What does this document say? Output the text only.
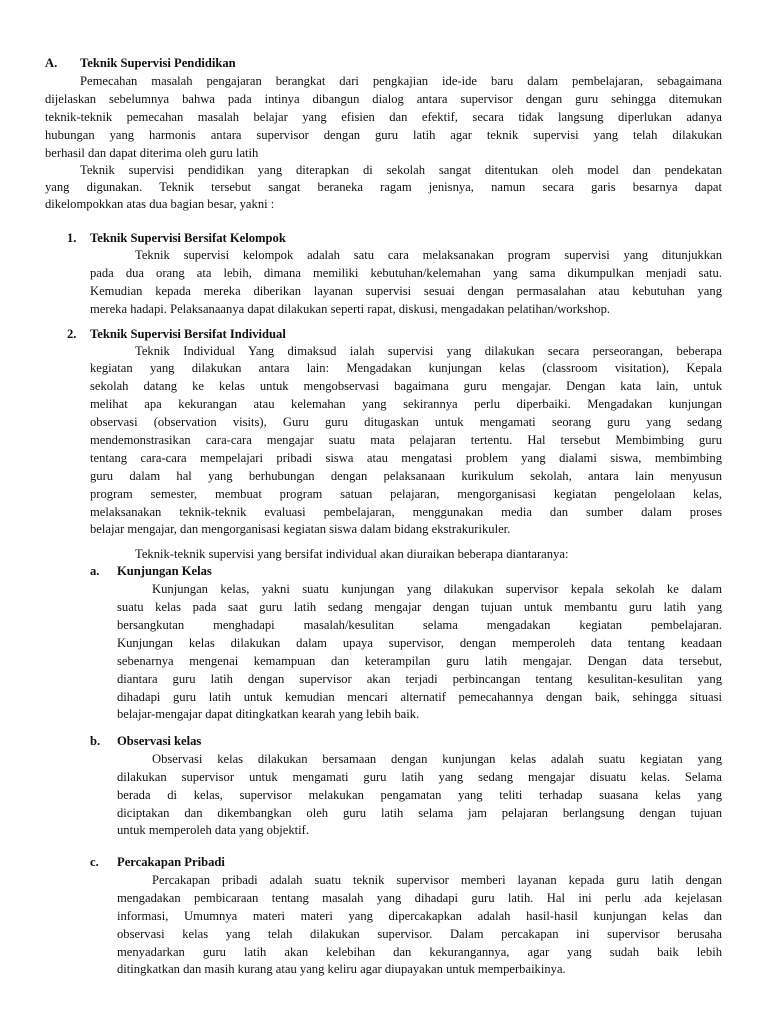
A. Teknik Supervisi Pendidikan
Pemecahan masalah pengajaran berangkat dari pengkajian ide-ide baru dalam pembelajaran, sebagaimana
dijelaskan sebelumnya bahwa pada intinya dibangun dialog antara supervisor dengan guru sehingga ditemukan
teknik-teknik pemecahan masalah belajar yang efisien dan efektif, secara tidak langsung diperlukan adanya
hubungan yang harmonis antara supervisor dengan guru latih agar teknik supervisi yang telah dilakukan
berhasil dan dapat diterima oleh guru latih
Teknik supervisi pendidikan yang diterapkan di sekolah sangat ditentukan oleh model dan pendekatan
yang digunakan. Teknik tersebut sangat beraneka ragam jenisnya, namun secara garis besarnya dapat
dikelompokkan atas dua bagian besar, yakni :
1. Teknik Supervisi Bersifat Kelompok
Teknik supervisi kelompok adalah satu cara melaksanakan program supervisi yang ditunjukkan
pada dua orang ata lebih, dimana memiliki kebutuhan/kelemahan yang sama dikumpulkan menjadi satu.
Kemudian kepada mereka diberikan layanan supervisi sesuai dengan permasalahan atau kebutuhan yang
mereka hadapi. Pelaksanaanya dapat dilakukan seperti rapat, diskusi, mengadakan pelatihan/workshop.
2. Teknik Supervisi Bersifat Individual
Teknik Individual Yang dimaksud ialah supervisi yang dilakukan secara perseorangan, beberapa
kegiatan yang dilakukan antara lain: Mengadakan kunjungan kelas (classroom visitation), Kepala
sekolah datang ke kelas untuk mengobservasi bagaimana guru mengajar. Dengan kata lain, untuk
melihat apa kekurangan atau kelemahan yang sekirannya perlu diperbaiki. Mengadakan kunjungan
observasi (observation visits), Guru guru ditugaskan untuk mengamati seorang guru yang sedang
mendemonstrasikan cara-cara mengajar suatu mata pelajaran tertentu. Hal tersebut Membimbing guru
tentang cara-cara mempelajari pribadi siswa atau mengatasi problem yang dialami siswa, membimbing
guru dalam hal yang berhubungan dengan pelaksanaan kurikulum sekolah, antara lain menyusun
program semester, membuat program satuan pelajaran, mengorganisasi kegiatan pengelolaan kelas,
melaksanakan teknik-teknik evaluasi pembelajaran, menggunakan media dan sumber dalam proses
belajar mengajar, dan mengorganisasi kegiatan siswa dalam bidang ekstrakurikuler.
Teknik-teknik supervisi yang bersifat individual akan diuraikan beberapa diantaranya:
a. Kunjungan Kelas
Kunjungan kelas, yakni suatu kunjungan yang dilakukan supervisor kepala sekolah ke dalam
suatu kelas pada saat guru latih sedang mengajar dengan tujuan untuk membantu guru latih yang
bersangkutan menghadapi masalah/kesulitan selama mengadakan kegiatan pembelajaran.
Kunjungan kelas dilakukan dalam upaya supervisor, dengan memperoleh data tentang keadaan
sebenarnya mengenai kemampuan dan keterampilan guru latih mengajar. Dengan data tersebut,
diantara guru latih dengan supervisor akan terjadi perbincangan tentang kesulitan-kesulitan yang
dihadapi guru latih untuk kemudian mencari alternatif pemecahannya dengan baik, sehingga situasi
belajar-mengajar dapat ditingkatkan kearah yang lebih baik.
b. Observasi kelas
Observasi kelas dilakukan bersamaan dengan kunjungan kelas adalah suatu kegiatan yang
dilakukan supervisor untuk mengamati guru latih yang sedang mengajar disuatu kelas. Selama
berada di kelas, supervisor melakukan pengamatan yang teliti terhadap suasana kelas yang
diciptakan dan dikembangkan oleh guru latih selama jam pelajaran berlangsung dengan tujuan
untuk memperoleh data yang objektif.
c. Percakapan Pribadi
Percakapan pribadi adalah suatu teknik supervisor memberi layanan kepada guru latih dengan
mengadakan pembicaraan tentang masalah yang dihadapi guru latih. Hal ini perlu ada kejelasan
informasi, Umumnya materi materi yang dipercakapkan adalah hasil-hasil kunjungan kelas dan
observasi kelas yang telah dilakukan supervisor. Dalam percakapan ini supervisor berusaha
menyadarkan guru latih akan kelebihan dan kekurangannya, agar yang sudah baik lebih
ditingkatkan dan masih kurang atau yang keliru agar diupayakan untuk memperbaikinya.
